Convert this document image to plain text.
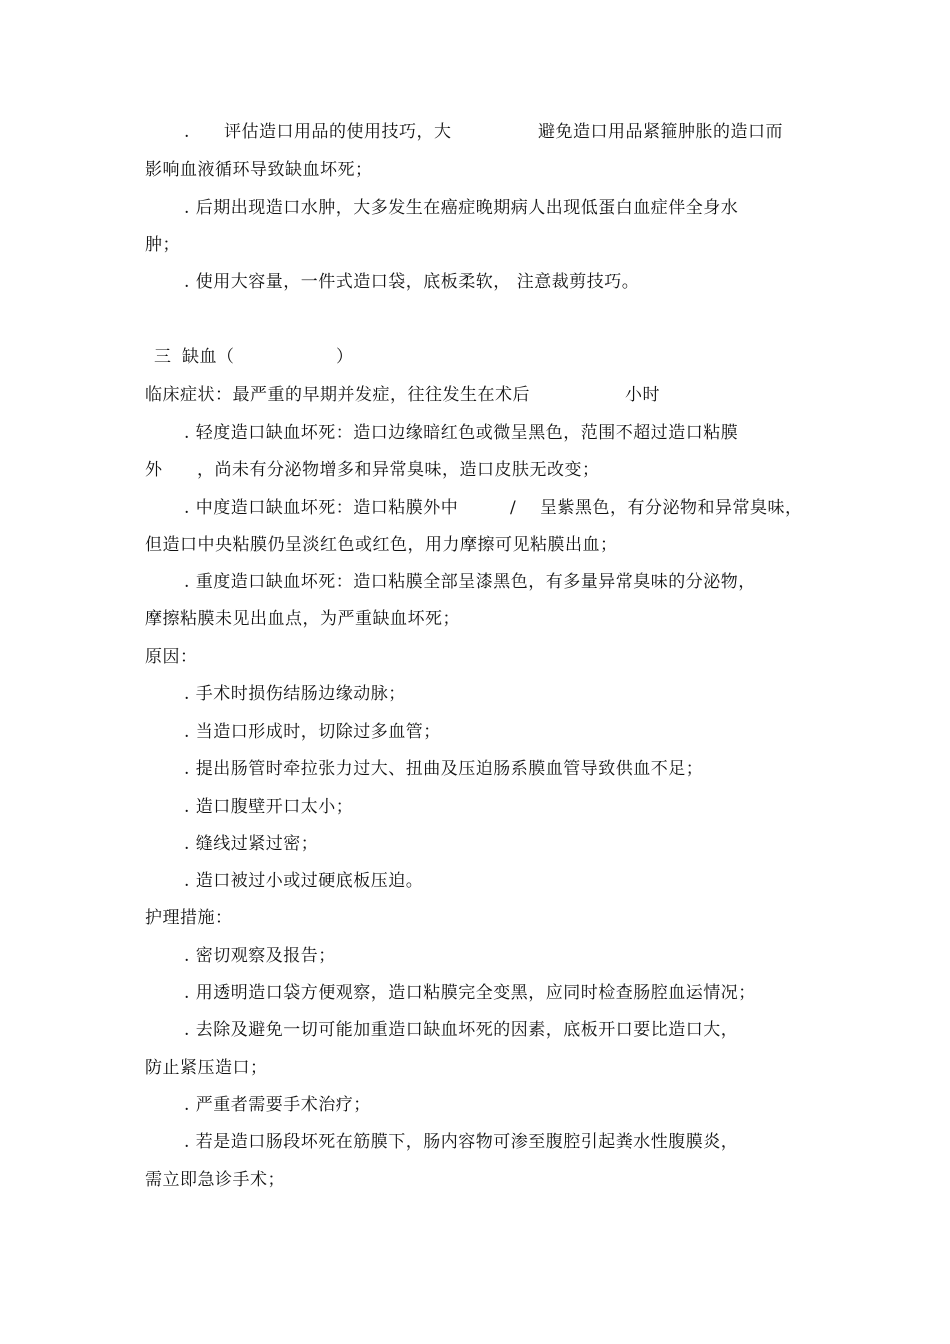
. 评估造口用品的使用技巧，大	避免造口用品紧箍肿胀的造口而
影响血液循环导致缺血坏死；
. 后期出现造口水肿，大多发生在癌症晚期病人出现低蛋白血症伴全身水
肿；
. 使用大容量，一件式造口袋，底板柔软， 注意裁剪技巧。
三 缺血（	）
临床症状：最严重的早期并发症，往往发生在术后	小时
. 轻度造口缺血坏死：造口边缘暗红色或微呈黑色，范围不超过造口粘膜
外 ，尚未有分泌物增多和异常臭味，造口皮肤无改变；
. 中度造口缺血坏死：造口粘膜外中	/ 呈紫黑色，有分泌物和异常臭味，
但造口中央粘膜仍呈淡红色或红色，用力摩擦可见粘膜出血；
. 重度造口缺血坏死：造口粘膜全部呈漆黑色，有多量异常臭味的分泌物，
摩擦粘膜未见出血点，为严重缺血坏死；
原因：
. 手术时损伤结肠边缘动脉；
. 当造口形成时，切除过多血管；
. 提出肠管时牵拉张力过大、扭曲及压迫肠系膜血管导致供血不足；
. 造口腹壁开口太小；
. 缝线过紧过密；
. 造口被过小或过硬底板压迫。
护理措施：
. 密切观察及报告；
. 用透明造口袋方便观察，造口粘膜完全变黑，应同时检查肠腔血运情况；
. 去除及避免一切可能加重造口缺血坏死的因素，底板开口要比造口大，
防止紧压造口；
. 严重者需要手术治疗；
. 若是造口肠段坏死在筋膜下，肠内容物可渗至腹腔引起粪水性腹膜炎，
需立即急诊手术；
